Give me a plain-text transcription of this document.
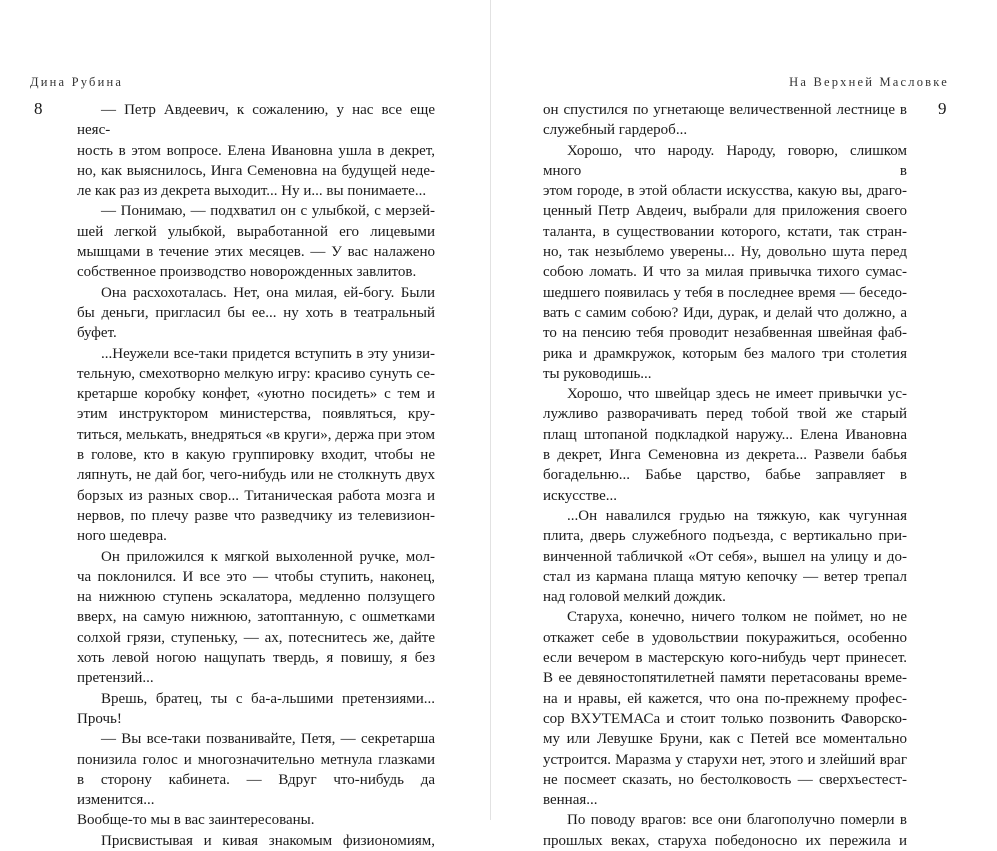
Дина Рубина
8	— Петр Авдеевич, к сожалению, у нас все еще неяс-

ность в этом вопросе. Елена Ивановна ушла в декрет,

но, как выяснилось, Инга Семеновна на будущей неде-

ле как раз из декрета выходит... Ну и... вы понимаете...

— Понимаю, — подхватил он с улыбкой, с мерзей-

шей легкой улыбкой, выработанной его лицевыми

мышцами в течение этих месяцев. — У вас налажено

собственное производство новорожденных завлитов.

Она расхохоталась. Нет, она милая, ей-богу. Были

бы деньги, пригласил бы ее... ну хоть в театральный

буфет.

...Неужели все-таки придется вступить в эту унизи-

тельную, смехотворно мелкую игру: красиво сунуть се-

кретарше коробку конфет, «уютно посидеть» с тем и

этим инструктором министерства, появляться, кру-

титься, мелькать, внедряться «в круги», держа при этом

в голове, кто в какую группировку входит, чтобы не

ляпнуть, не дай бог, чего-нибудь или не столкнуть двух

борзых из разных свор... Титаническая работа мозга и

нервов, по плечу разве что разведчику из телевизион-

ного шедевра.

Он приложился к мягкой выхоленной ручке, мол-

ча поклонился. И все это — чтобы ступить, наконец,

на нижнюю ступень эскалатора, медленно ползущего

вверх, на самую нижнюю, затоптанную, с ошметками

солхой грязи, ступеньку, — ах, потеснитесь же, дайте

хоть левой ногою нащупать твердь, я повишу, я без

претензий...

Врешь, братец, ты с ба-а-льшими претензиями...

Прочь!

— Вы все-таки позванивайте, Петя, — секретарша

понизила голос и многозначительно метнула глазками

в сторону кабинета. — Вдруг что-нибудь да изменится...

Вообще-то мы в вас заинтересованы.

Присвистывая и кивая знакомым физиономиям,

На Верхней Масловке
9

он спустился по угнетающе величественной лестнице в

служебный гардероб...

Хорошо, что народу. Народу, говорю, слишком много в

этом городе, в этой области искусства, какую вы, драго-

ценный Петр Авдеич, выбрали для приложения своего

таланта, в существовании которого, кстати, так стран-

но, так незыблемо уверены... Ну, довольно шута перед

собою ломать. И что за милая привычка тихого сумас-

шедшего появилась у тебя в последнее время — беседо-

вать с самим собою? Иди, дурак, и делай что должно, а

то на пенсию тебя проводит незабвенная швейная фаб-

рика и драмкружок, которым без малого три столетия

ты руководишь...

Хорошо, что швейцар здесь не имеет привычки ус-

лужливо разворачивать перед тобой твой же старый

плащ штопаной подкладкой наружу... Елена Ивановна

в декрет, Инга Семеновна из декрета... Развели бабья

богадельню... Бабье царство, бабье заправляет в искусстве...

...Он навалился грудью на тяжкую, как чугунная

плита, дверь служебного подъезда, с вертикально при-

винченной табличкой «От себя», вышел на улицу и до-

стал из кармана плаща мятую кепочку — ветер трепал

над головой мелкий дождик.

Старуха, конечно, ничего толком не поймет, но не

откажет себе в удовольствии покуражиться, особенно

если вечером в мастерскую кого-нибудь черт принесет.

В ее девяностопятилетней памяти перетасованы време-

на и нравы, ей кажется, что она по-прежнему профес-

сор ВХУТЕМАСа и стоит только позвонить Фаворско-

му или Левушке Бруни, как с Петей все моментально

устроится. Маразма у старухи нет, этого и злейший враг

не посмеет сказать, но бестолковость — сверхъестест-

венная...

По поводу врагов: все они благополучно померли в

прошлых веках, старуха победоносно их пережила и
